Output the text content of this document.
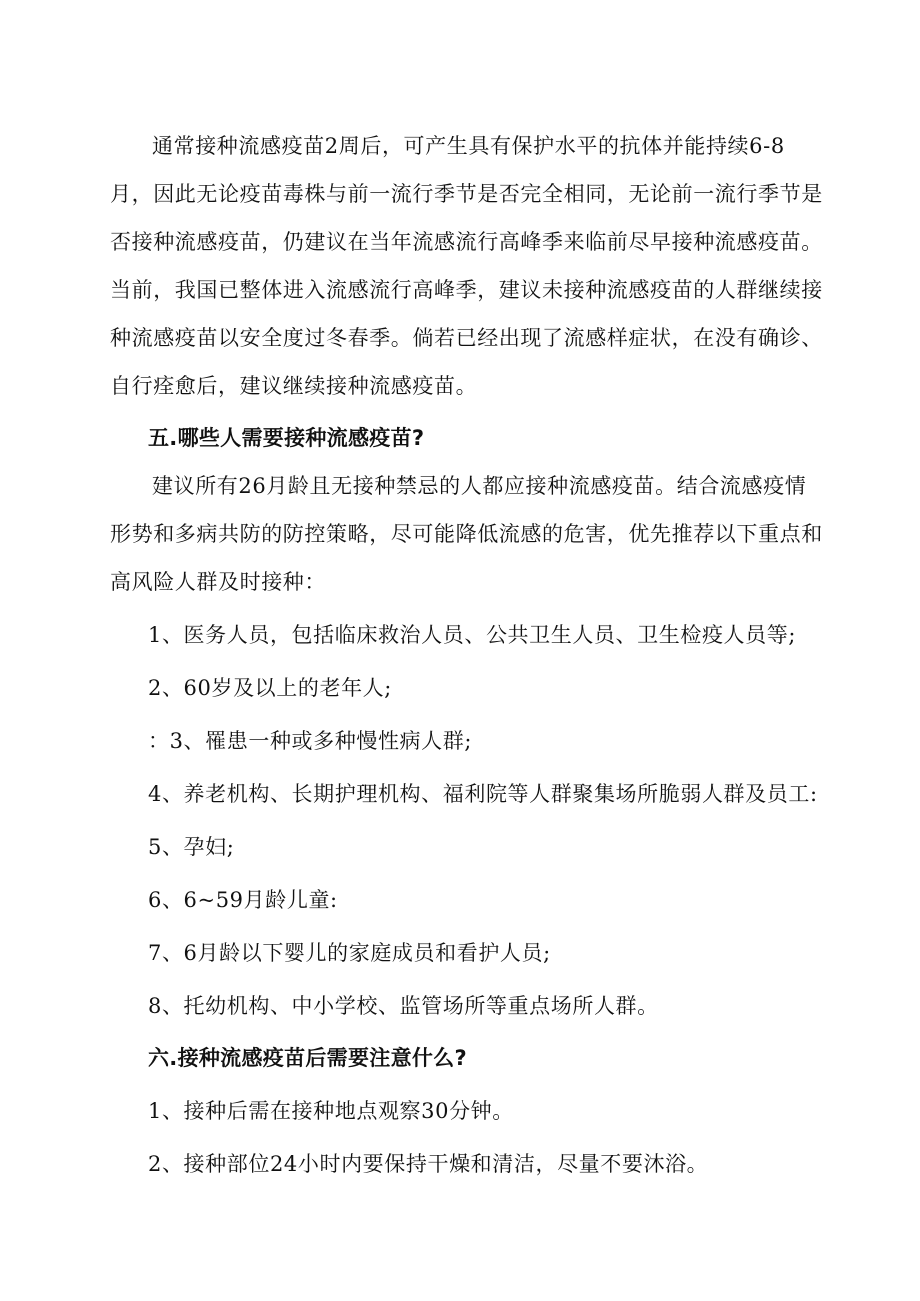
通常接种流感疫苗2周后，可产生具有保护水平的抗体并能持续6-8月，因此无论疫苗毒株与前一流行季节是否完全相同，无论前一流行季节是否接种流感疫苗，仍建议在当年流感流行高峰季来临前尽早接种流感疫苗。当前，我国已整体进入流感流行高峰季，建议未接种流感疫苗的人群继续接种流感疫苗以安全度过冬春季。倘若已经出现了流感样症状，在没有确诊、自行痊愈后，建议继续接种流感疫苗。

五.哪些人需要接种流感疫苗?

建议所有26月龄且无接种禁忌的人都应接种流感疫苗。结合流感疫情形势和多病共防的防控策略，尽可能降低流感的危害，优先推荐以下重点和高风险人群及时接种：

1、医务人员，包括临床救治人员、公共卫生人员、卫生检疫人员等;

2、60岁及以上的老年人;

：3、罹患一种或多种慢性病人群;

4、养老机构、长期护理机构、福利院等人群聚集场所脆弱人群及员工:

5、孕妇;

6、6~59月龄儿童:

7、6月龄以下婴儿的家庭成员和看护人员;

8、托幼机构、中小学校、监管场所等重点场所人群。

六.接种流感疫苗后需要注意什么?

1、接种后需在接种地点观察30分钟。

2、接种部位24小时内要保持干燥和清洁，尽量不要沐浴。
